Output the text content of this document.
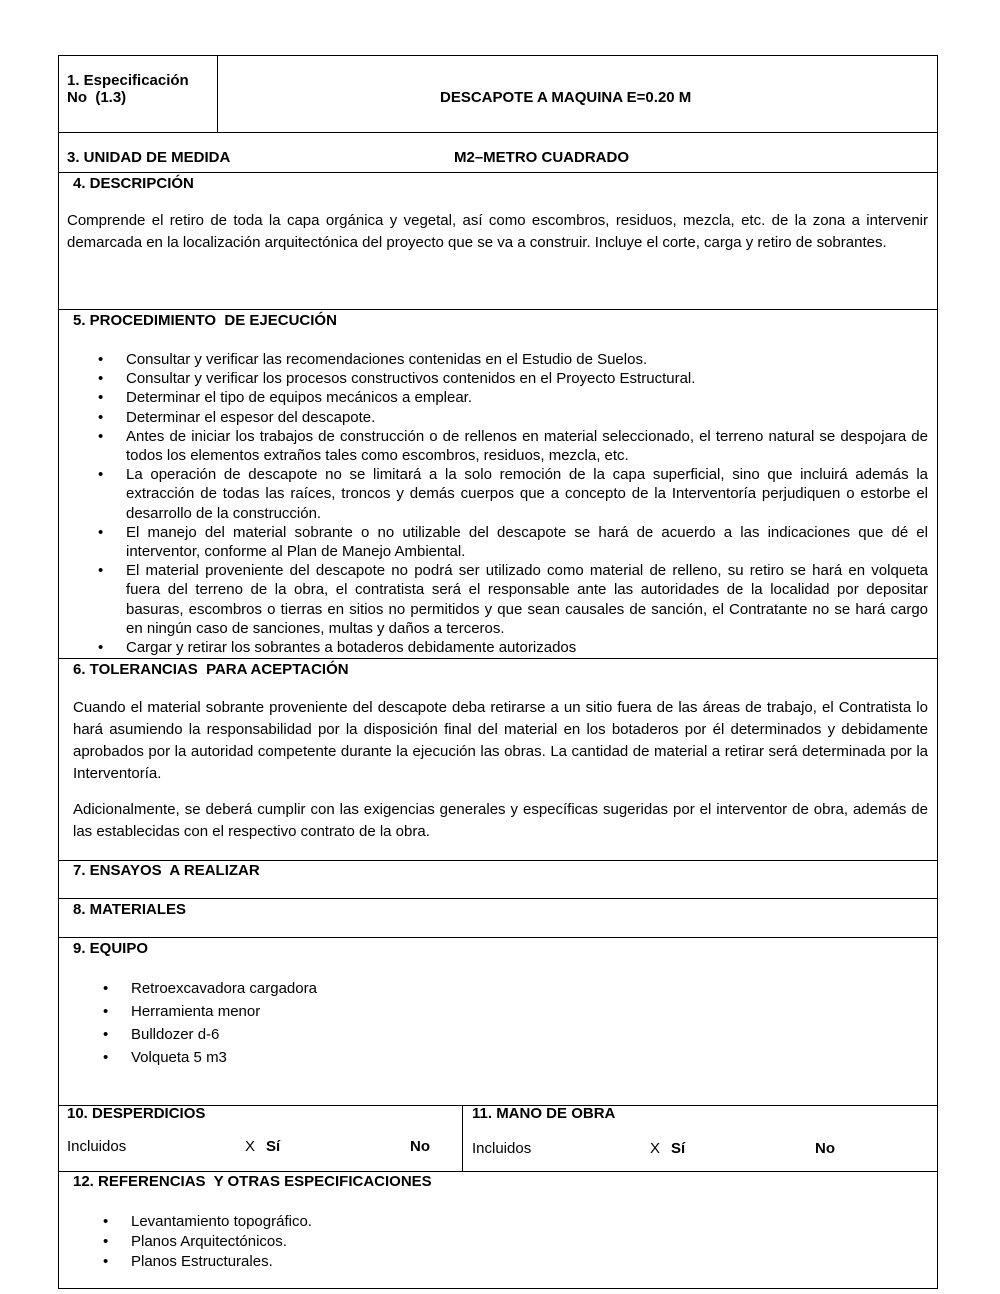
1. Especificación
No  (1.3)	DESCAPOTE A MAQUINA E=0.20 M
3. UNIDAD DE MEDIDA	M2–METRO CUADRADO
4. DESCRIPCIÓN
Comprende el retiro de toda la capa orgánica y vegetal, así como escombros, residuos, mezcla, etc. de la zona a intervenir demarcada en la localización arquitectónica del proyecto que se va a construir. Incluye el corte, carga y retiro de sobrantes.
5. PROCEDIMIENTO  DE EJECUCIÓN
• Consultar y verificar las recomendaciones contenidas en el Estudio de Suelos.
• Consultar y verificar los procesos constructivos contenidos en el Proyecto Estructural.
• Determinar el tipo de equipos mecánicos a emplear.
• Determinar el espesor del descapote.
• Antes de iniciar los trabajos de construcción o de rellenos en material seleccionado, el terreno natural se despojara de todos los elementos extraños tales como escombros, residuos, mezcla, etc.
• La operación de descapote no se limitará a la solo remoción de la capa superficial, sino que incluirá además la extracción de todas las raíces, troncos y demás cuerpos que a concepto de la Interventoría perjudiquen o estorbe el desarrollo de la construcción.
• El manejo del material sobrante o no utilizable del descapote se hará de acuerdo a las indicaciones que dé el interventor, conforme al Plan de Manejo Ambiental.
• El material proveniente del descapote no podrá ser utilizado como material de relleno, su retiro se hará en volqueta fuera del terreno de la obra, el contratista será el responsable ante las autoridades de la localidad por depositar basuras, escombros o tierras en sitios no permitidos y que sean causales de sanción, el Contratante no se hará cargo en ningún caso de sanciones, multas y daños a terceros.
• Cargar y retirar los sobrantes a botaderos debidamente autorizados
6. TOLERANCIAS  PARA ACEPTACIÓN
Cuando el material sobrante proveniente del descapote deba retirarse a un sitio fuera de las áreas de trabajo, el Contratista lo hará asumiendo la responsabilidad por la disposición final del material en los botaderos por él determinados y debidamente aprobados por la autoridad competente durante la ejecución las obras. La cantidad de material a retirar será determinada por la Interventoría.
Adicionalmente, se deberá cumplir con las exigencias generales y específicas sugeridas por el interventor de obra, además de las establecidas con el respectivo contrato de la obra.
7. ENSAYOS  A REALIZAR
8. MATERIALES
9. EQUIPO
• Retroexcavadora cargadora
• Herramienta menor
• Bulldozer d-6
• Volqueta 5 m3
10. DESPERDICIOS
Incluidos	X Sí	No
11. MANO DE OBRA
Incluidos	X Sí	No
12. REFERENCIAS  Y OTRAS ESPECIFICACIONES
• Levantamiento topográfico.
• Planos Arquitectónicos.
• Planos Estructurales.
